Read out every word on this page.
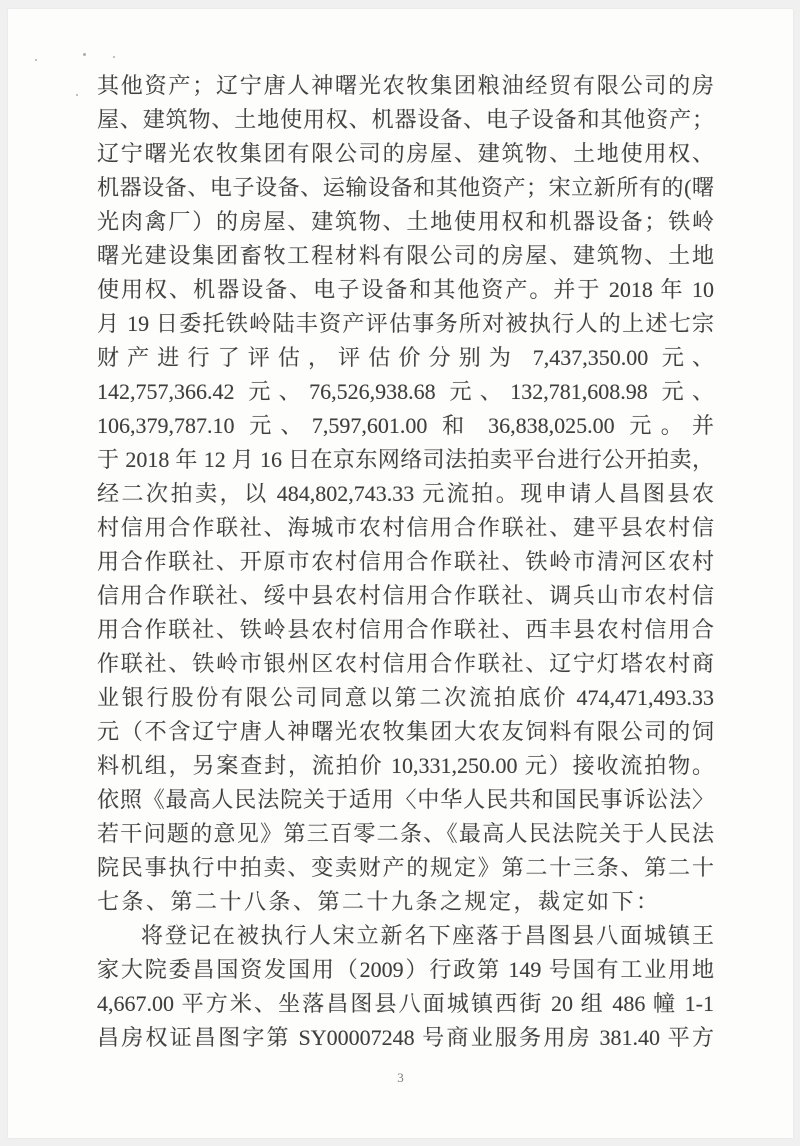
其他资产；辽宁唐人神曙光农牧集团粮油经贸有限公司的房
屋、建筑物、土地使用权、机器设备、电子设备和其他资产；
辽宁曙光农牧集团有限公司的房屋、建筑物、土地使用权、
机器设备、电子设备、运输设备和其他资产；宋立新所有的(曙
光肉禽厂）的房屋、建筑物、土地使用权和机器设备；铁岭
曙光建设集团畜牧工程材料有限公司的房屋、建筑物、土地
使用权、机器设备、电子设备和其他资产。并于 2018 年 10
月 19 日委托铁岭陆丰资产评估事务所对被执行人的上述七宗
财产进行了评估，评估价分别为 7,437,350.00 元、
142,757,366.42 元、76,526,938.68 元、132,781,608.98 元、
106,379,787.10 元、7,597,601.00 和 36,838,025.00 元。并
于 2018 年 12 月 16 日在京东网络司法拍卖平台进行公开拍卖，
经二次拍卖，以 484,802,743.33 元流拍。现申请人昌图县农
村信用合作联社、海城市农村信用合作联社、建平县农村信
用合作联社、开原市农村信用合作联社、铁岭市清河区农村
信用合作联社、绥中县农村信用合作联社、调兵山市农村信
用合作联社、铁岭县农村信用合作联社、西丰县农村信用合
作联社、铁岭市银州区农村信用合作联社、辽宁灯塔农村商
业银行股份有限公司同意以第二次流拍底价 474,471,493.33
元（不含辽宁唐人神曙光农牧集团大农友饲料有限公司的饲
料机组，另案查封，流拍价 10,331,250.00 元）接收流拍物。
依照《最高人民法院关于适用〈中华人民共和国民事诉讼法〉
若干问题的意见》第三百零二条、《最高人民法院关于人民法
院民事执行中拍卖、变卖财产的规定》第二十三条、第二十
七条、第二十八条、第二十九条之规定，裁定如下：
将登记在被执行人宋立新名下座落于昌图县八面城镇王
家大院委昌国资发国用（2009）行政第 149 号国有工业用地
4,667.00 平方米、坐落昌图县八面城镇西街 20 组 486 幢 1-1
昌房权证昌图字第 SY00007248 号商业服务用房 381.40 平方
3
